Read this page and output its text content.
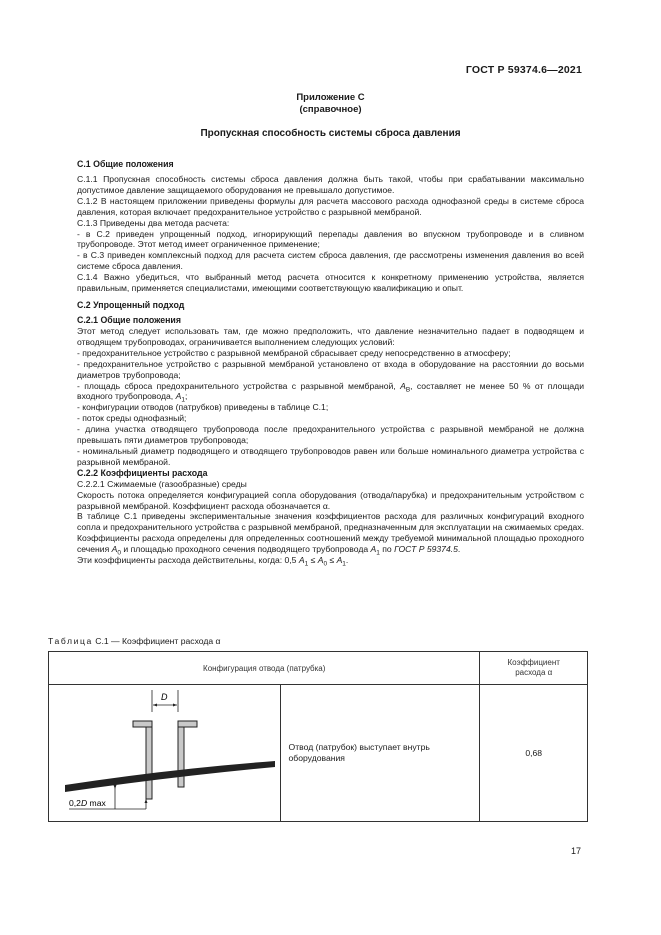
ГОСТ Р 59374.6—2021
Приложение С
(справочное)
Пропускная способность системы сброса давления
С.1 Общие положения

С.1.1 Пропускная способность системы сброса давления должна быть такой, чтобы при срабатывании максимально допустимое давление защищаемого оборудования не превышало допустимое.

С.1.2 В настоящем приложении приведены формулы для расчета массового расхода однофазной среды в системе сброса давления, которая включает предохранительное устройство с разрывной мембраной.

С.1.3 Приведены два метода расчета:

- в С.2 приведен упрощенный подход, игнорирующий перепады давления во впускном трубопроводе и в сливном трубопроводе. Этот метод имеет ограниченное применение;

- в С.3 приведен комплексный подход для расчета систем сброса давления, где рассмотрены изменения давления во всей системе сброса давления.

С.1.4 Важно убедиться, что выбранный метод расчета относится к конкретному применению устройства, является правильным, применяется специалистами, имеющими соответствующую квалификацию и опыт.

С.2 Упрощенный подход
С.2.1 Общие положения

Этот метод следует использовать там, где можно предположить, что давление незначительно падает в подводящем и отводящем трубопроводах, ограничивается выполнением следующих условий:

- предохранительное устройство с разрывной мембраной сбрасывает среду непосредственно в атмосферу;

- предохранительное устройство с разрывной мембраной установлено от входа в оборудование на расстоянии до восьми диаметров трубопровода;

- площадь сброса предохранительного устройства с разрывной мембраной, $A_B$, составляет не менее 50 % от площади входного трубопровода, $A_1$;

- конфигурации отводов (патрубков) приведены в таблице С.1;

- поток среды однофазный;

- длина участка отводящего трубопровода после предохранительного устройства с разрывной мембраной не должна превышать пяти диаметров трубопровода;

- номинальный диаметр подводящего и отводящего трубопроводов равен или больше номинального диаметра устройства с разрывной мембраной.

С.2.2 Коэффициенты расхода

С.2.2.1 Сжимаемые (газообразные) среды

Скорость потока определяется конфигурацией сопла оборудования (отвода/парубка) и предохранительным устройством с разрывной мембраной. Коэффициент расхода обозначается α.

В таблице С.1 приведены экспериментальные значения коэффициентов расхода для различных конфигураций входного сопла и предохранительного устройства с разрывной мембраной, предназначенным для эксплуатации на сжимаемых средах. Коэффициенты расхода определены для определенных соотношений между требуемой минимальной площадью проходного сечения $A_0$ и площадью проходного сечения подводящего трубопровода $A_1$ по ГОСТ Р 59374.5.

Эти коэффициенты расхода действительны, когда: 0,5 $A_1 \le A_0 \le A_1$.

Таблица С.1 — Коэффициент расхода α
Конфигурация отвода (патрубка)		Коэффициент
расхода α

D
0,2D max	Отвод (патрубок) выступает внутрь оборудования	0,68
17
